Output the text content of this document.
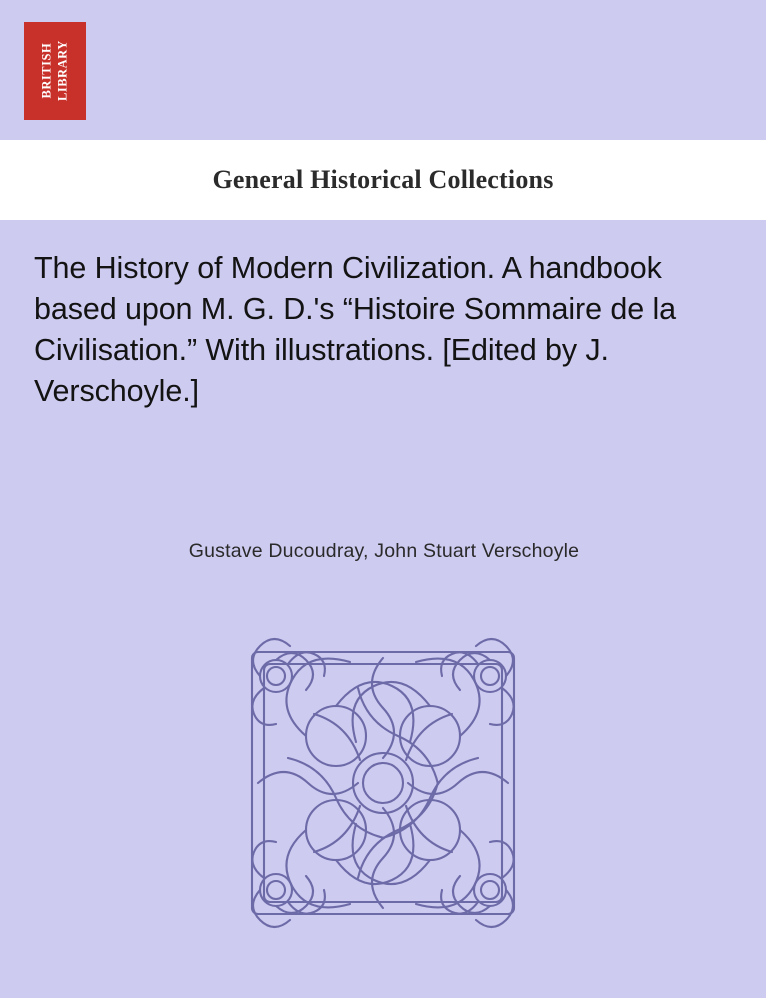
BRITISH LIBRARY
General Historical Collections
The History of Modern Civilization. A handbook based upon M. G. D.'s “Histoire Sommaire de la Civilisation.” With illustrations. [Edited by J. Verschoyle.]
Gustave Ducoudray, John Stuart Verschoyle
